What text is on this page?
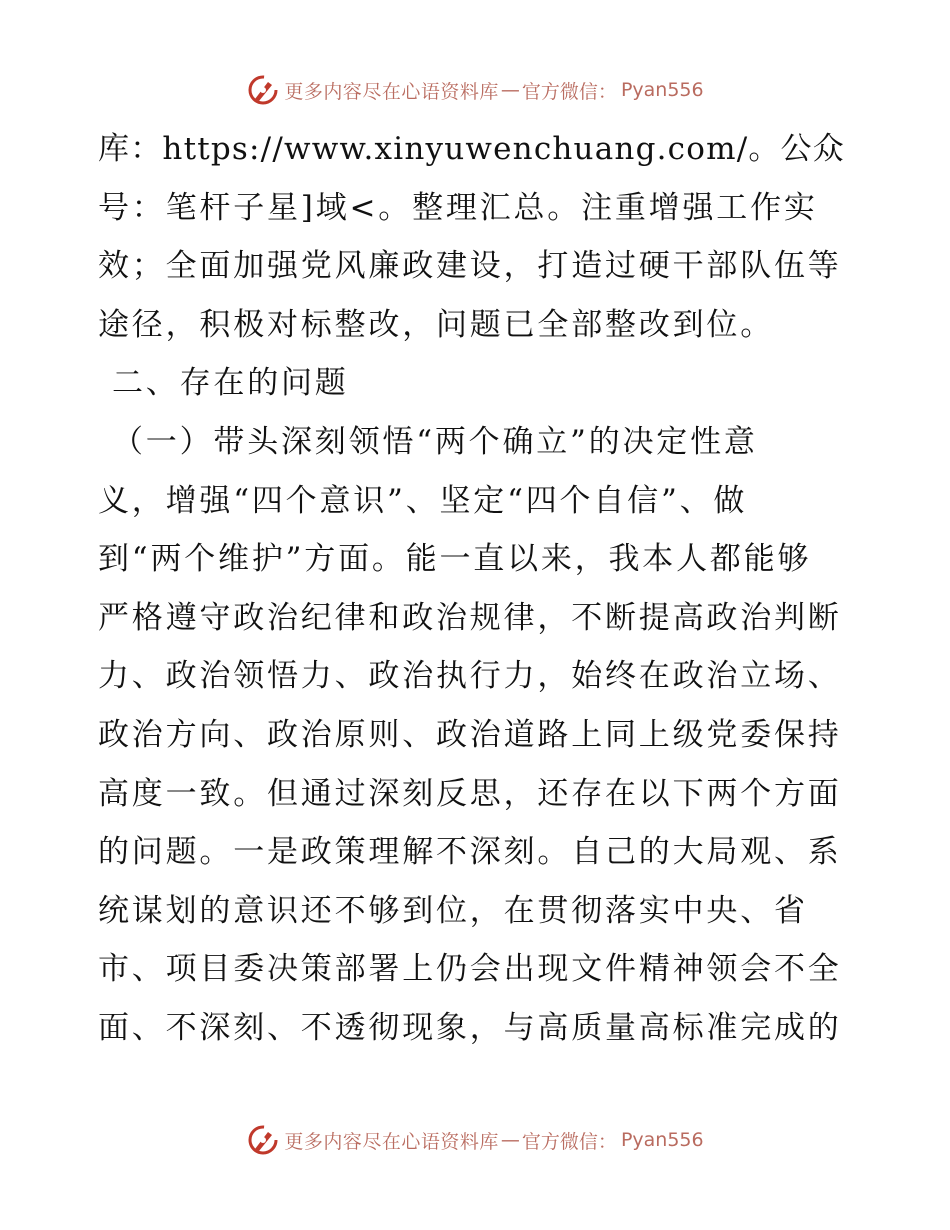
更多内容尽在心语资料库 — 官方微信： Pyan556
库：https://www.xinyuwenchuang.com/。公众
号：笔杆子星]域<。整理汇总。注重增强工作实
效；全面加强党风廉政建设，打造过硬干部队伍等
途径，积极对标整改，问题已全部整改到位。
二、存在的问题
（一）带头深刻领悟“两个确立”的决定性意
义，增强“四个意识”、坚定“四个自信”、做
到“两个维护”方面。能一直以来，我本人都能够
严格遵守政治纪律和政治规律，不断提高政治判断
力、政治领悟力、政治执行力，始终在政治立场、
政治方向、政治原则、政治道路上同上级党委保持
高度一致。但通过深刻反思，还存在以下两个方面
的问题。一是政策理解不深刻。自己的大局观、系
统谋划的意识还不够到位，在贯彻落实中央、省
市、项目委决策部署上仍会出现文件精神领会不全
面、不深刻、不透彻现象，与高质量高标准完成的
更多内容尽在心语资料库 — 官方微信： Pyan556
